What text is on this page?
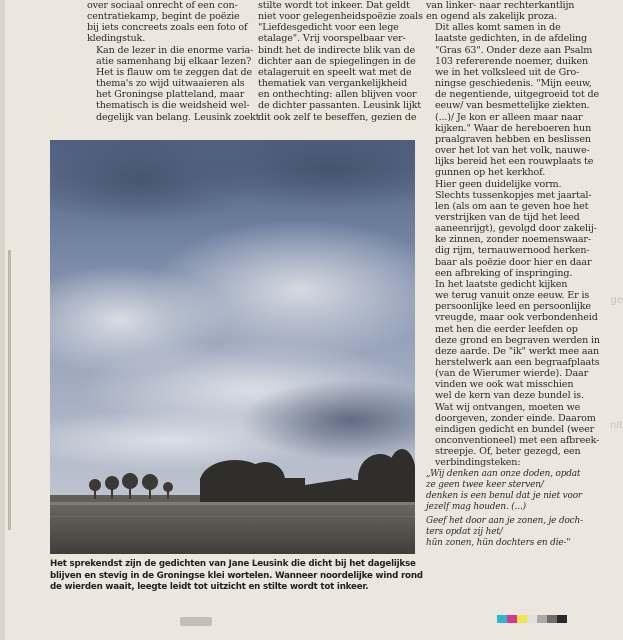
over sociaal onrecht of een con-
centratiekamp, begint de poëzie
bij iets concreets zoals een foto of
kledingstuk.

Kan de lezer in die enorme varia-
atie samenhang bij elkaar lezen?
Het is flauw om te zeggen dat de
thema's zo wijd uitwaaieren als
het Groningse platteland, maar
thematisch is die weidsheid wel-
degelijk van belang. Leusink zoekt

stilte wordt tot inkeer. Dat geldt
niet voor gelegenheidspoëzie zoals
"Liefdesgedicht voor een lege
etalage". Vrij voorspelbaar ver-
bindt het de indirecte blik van de
dichter aan de spiegelingen in de
etalageruit en speelt wat met de
thematiek van vergankelijkheid
en onthechting: allen blijven voor
de dichter passanten. Leusink lijkt
dit ook zelf te beseffen, gezien de

van linker- naar rechterkantlijn
en ogend als zakelijk proza.

Dit alles komt samen in de
laatste gedichten, in de afdeling
"Gras 63". Onder deze aan Psalm
103 refererende noemer, duiken
we in het volksleed uit de Gro-
ningse geschiedenis. "Mijn eeuw,
de negentiende, uitgegroeid tot de
eeuw/ van besmettelijke ziekten.
(...)/ Je kon er alleen maar naar
kijken." Waar de hereboeren hun
praalgraven hebben en beslissen
over het lot van het volk, nauwe-
lijks bereid het een rouwplaats te
gunnen op het kerkhof.

Hier geen duidelijke vorm.
Slechts tussenkopjes met jaartal-
len (als om aan te geven hoe het
verstrijken van de tijd het leed
aaneenrijgt), gevolgd door zakelij-
ke zinnen, zonder noemenswaar-
dig rijm, ternauwernood herken-
baar als poëzie door hier en daar
een afbreking of inspringing.

In het laatste gedicht kijken
we terug vanuit onze eeuw. Er is
persoonlijke leed en persoonlijke
vreugde, maar ook verbondenheid
met hen die eerder leefden op
deze grond en begraven werden in
deze aarde. De "ik" werkt mee aan
herstelwerk aan een begraafplaats
(van de Wierumer wierde). Daar
vinden we ook wat misschien
wel de kern van deze bundel is.
Wat wij ontvangen, moeten we
doorgeven, zonder einde. Daarom
eindigen gedicht en bundel (weer
onconventioneel) met een afbreek-
streepje. Of, beter gezegd, een
verbindingsteken:

„Wij denken aan onze doden, opdat
ze geen twee keer sterven/
denken is een benul dat je niet voor
jezelf mag houden. (...)
Geef het door aan je zonen, je doch-
ters opdat zij het/
hün zonen, hün dochters en die-"
Het sprekendst zijn de gedichten van Jane Leusink die dicht bij het dagelijkse
blijven en stevig in de Groningse klei wortelen. Wanneer noordelijke wind rond
de wierden waait, leegte leidt tot uitzicht en stilte wordt tot inkeer.
ge
nit
